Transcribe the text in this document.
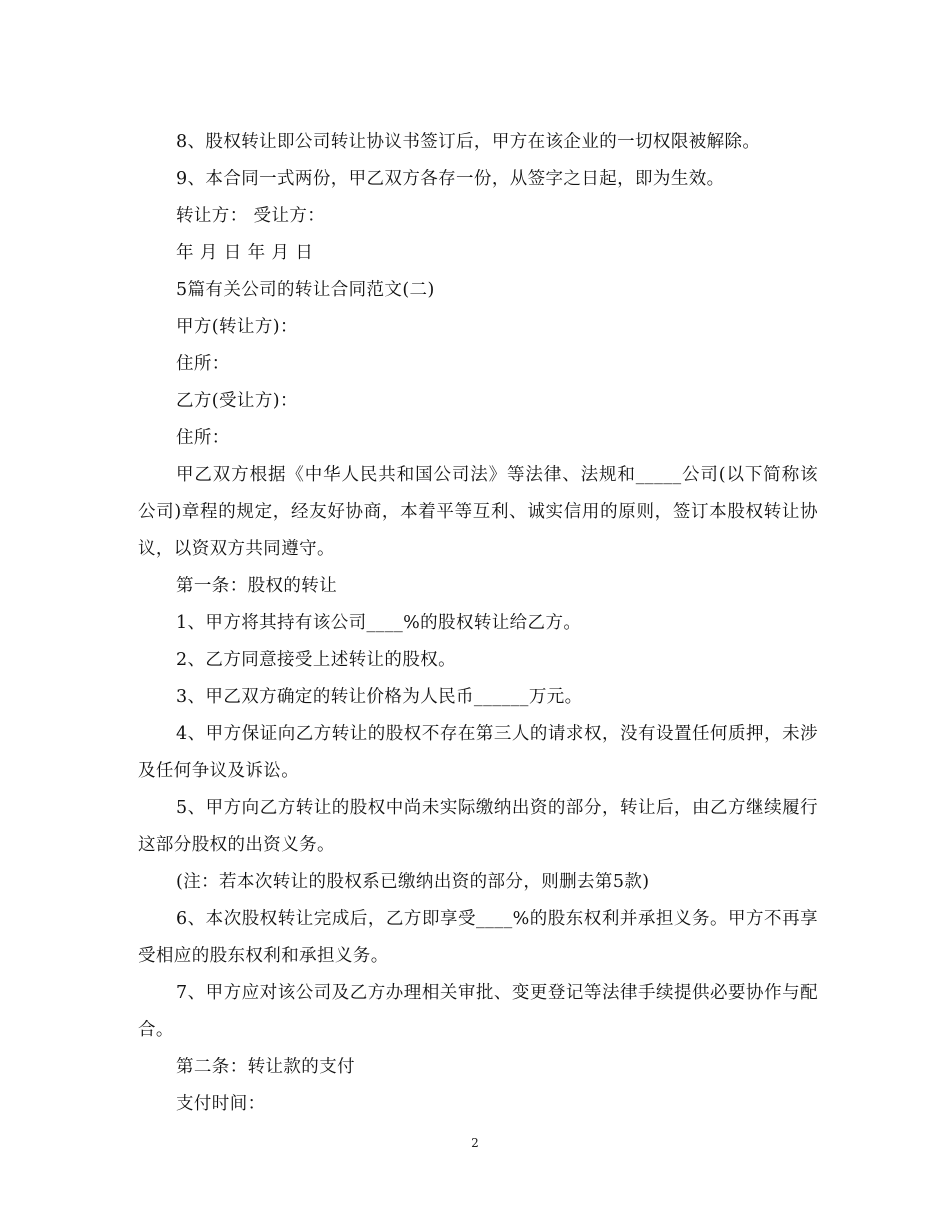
8、股权转让即公司转让协议书签订后，甲方在该企业的一切权限被解除。

9、本合同一式两份，甲乙双方各存一份，从签字之日起，即为生效。

转让方： 受让方：

年 月 日 年 月 日

5篇有关公司的转让合同范文(二)

甲方(转让方)：

住所：

乙方(受让方)：

住所：

甲乙双方根据《中华人民共和国公司法》等法律、法规和_____公司(以下简称该公司)章程的规定，经友好协商，本着平等互利、诚实信用的原则，签订本股权转让协议，以资双方共同遵守。

第一条：股权的转让

1、甲方将其持有该公司____%的股权转让给乙方。

2、乙方同意接受上述转让的股权。

3、甲乙双方确定的转让价格为人民币______万元。

4、甲方保证向乙方转让的股权不存在第三人的请求权，没有设置任何质押，未涉及任何争议及诉讼。

5、甲方向乙方转让的股权中尚未实际缴纳出资的部分，转让后，由乙方继续履行这部分股权的出资义务。

(注：若本次转让的股权系已缴纳出资的部分，则删去第5款)

6、本次股权转让完成后，乙方即享受____%的股东权利并承担义务。甲方不再享受相应的股东权利和承担义务。

7、甲方应对该公司及乙方办理相关审批、变更登记等法律手续提供必要协作与配合。

第二条：转让款的支付

支付时间：

2
